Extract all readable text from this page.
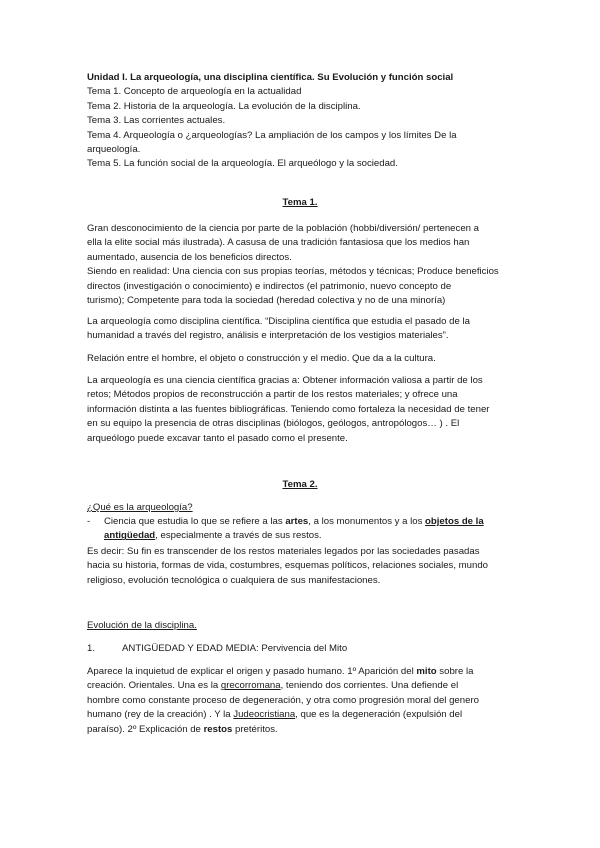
Unidad I. La arqueología, una disciplina científica. Su Evolución y función social
Tema 1. Concepto de arqueología en la actualidad
Tema 2. Historia de la arqueología. La evolución de la disciplina.
Tema 3. Las corrientes actuales.
Tema 4. Arqueología o ¿arqueologías? La ampliación de los campos y los límites De la
arqueología.
Tema 5. La función social de la arqueología. El arqueólogo y la sociedad.
Tema 1.
Gran desconocimiento de la ciencia por parte de la población (hobbi/diversión/ pertenecen a
ella la elite social más ilustrada). A casusa de una tradición fantasiosa que los medios han
aumentado, ausencia de los beneficios directos.
Siendo en realidad: Una ciencia con sus propias teorías, métodos y técnicas; Produce beneficios
directos (investigación o conocimiento) e indirectos (el patrimonio, nuevo concepto de
turismo); Competente para toda la sociedad (heredad colectiva y no de una minoría)
La arqueología como disciplina científica. “Disciplina científica que estudia el pasado de la
humanidad a través del registro, análisis e interpretación de los vestigios materiales”.
Relación entre el hombre, el objeto o construcción y el medio. Que da a la cultura.
La arqueología es una ciencia científica gracias a: Obtener información valiosa a partir de los
retos; Métodos propios de reconstrucción a partir de los restos materiales; y ofrece una
información distinta a las fuentes bibliográficas. Teniendo como fortaleza la necesidad de tener
en su equipo la presencia de otras disciplinas (biólogos, geólogos, antropólogos… ) . El
arqueólogo puede excavar tanto el pasado como el presente.
Tema 2.
¿Qué es la arqueología?
- Ciencia que estudia lo que se refiere a las artes, a los monumentos y a los objetos de la
antigüedad, especialmente a través de sus restos.
Es decir: Su fin es transcender de los restos materiales legados por las sociedades pasadas
hacia su historia, formas de vida, costumbres, esquemas políticos, relaciones sociales, mundo
religioso, evolución tecnológica o cualquiera de sus manifestaciones.
Evolución de la disciplina.
1.	ANTIGÜEDAD Y EDAD MEDIA: Pervivencia del Mito
Aparece la inquietud de explicar el origen y pasado humano. 1º Aparición del mito sobre la
creación. Orientales. Una es la grecorromana, teniendo dos corrientes. Una defiende el
hombre como constante proceso de degeneración, y otra como progresión moral del genero
humano (rey de la creación) . Y la Judeocristiana, que es la degeneración (expulsión del
paraíso). 2º Explicación de restos pretéritos.
